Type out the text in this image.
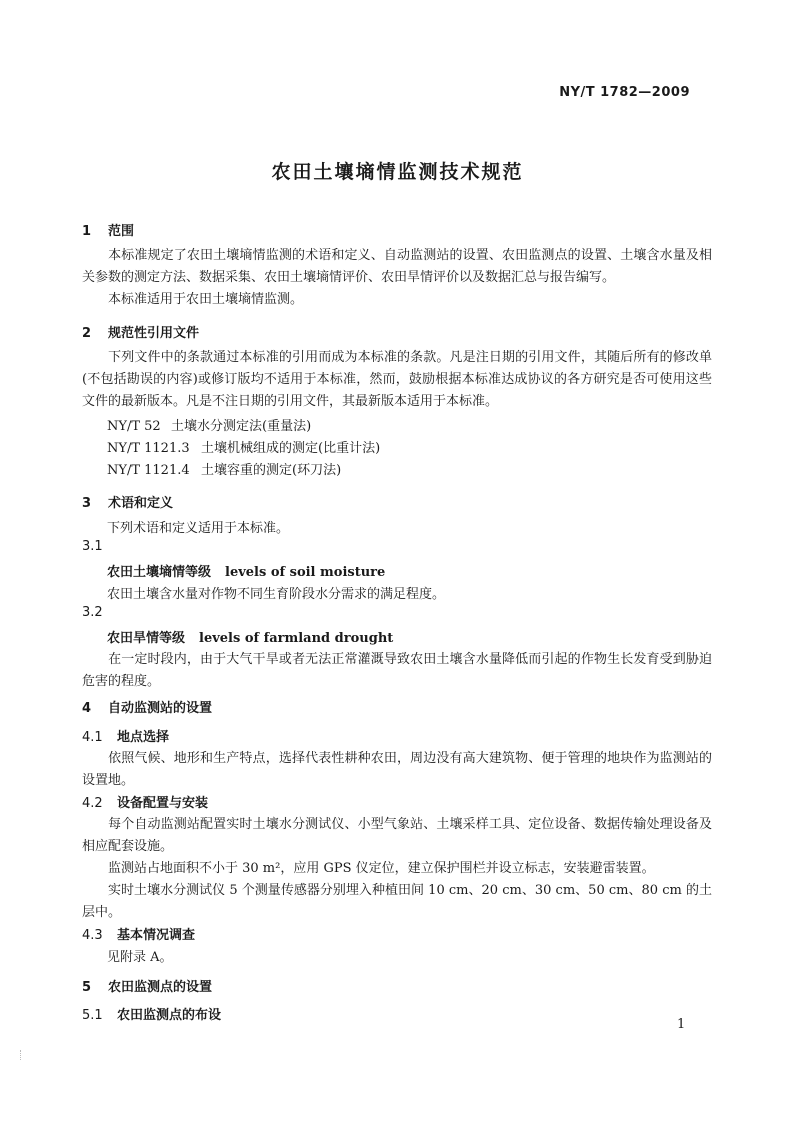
NY/T 1782—2009
农田土壤墒情监测技术规范
1 范围
本标准规定了农田土壤墒情监测的术语和定义、自动监测站的设置、农田监测点的设置、土壤含水量及相关参数的测定方法、数据采集、农田土壤墒情评价、农田旱情评价以及数据汇总与报告编写。
本标准适用于农田土壤墒情监测。
2 规范性引用文件
下列文件中的条款通过本标准的引用而成为本标准的条款。凡是注日期的引用文件，其随后所有的修改单(不包括勘误的内容)或修订版均不适用于本标准，然而，鼓励根据本标准达成协议的各方研究是否可使用这些文件的最新版本。凡是不注日期的引用文件，其最新版本适用于本标准。
NY/T 52 土壤水分测定法(重量法)
NY/T 1121.3 土壤机械组成的测定(比重计法)
NY/T 1121.4 土壤容重的测定(环刀法)
3 术语和定义
下列术语和定义适用于本标准。
3.1
农田土壤墒情等级 levels of soil moisture
农田土壤含水量对作物不同生育阶段水分需求的满足程度。
3.2
农田旱情等级 levels of farmland drought
在一定时段内，由于大气干旱或者无法正常灌溉导致农田土壤含水量降低而引起的作物生长发育受到胁迫危害的程度。
4 自动监测站的设置
4.1 地点选择
依照气候、地形和生产特点，选择代表性耕种农田，周边没有高大建筑物、便于管理的地块作为监测站的设置地。
4.2 设备配置与安装
每个自动监测站配置实时土壤水分测试仪、小型气象站、土壤采样工具、定位设备、数据传输处理设备及相应配套设施。
监测站占地面积不小于 30 m²，应用 GPS 仪定位，建立保护围栏并设立标志，安装避雷装置。
实时土壤水分测试仪 5 个测量传感器分别埋入种植田间 10 cm、20 cm、30 cm、50 cm、80 cm 的土层中。
4.3 基本情况调查
见附录 A。
5 农田监测点的设置
5.1 农田监测点的布设
1
